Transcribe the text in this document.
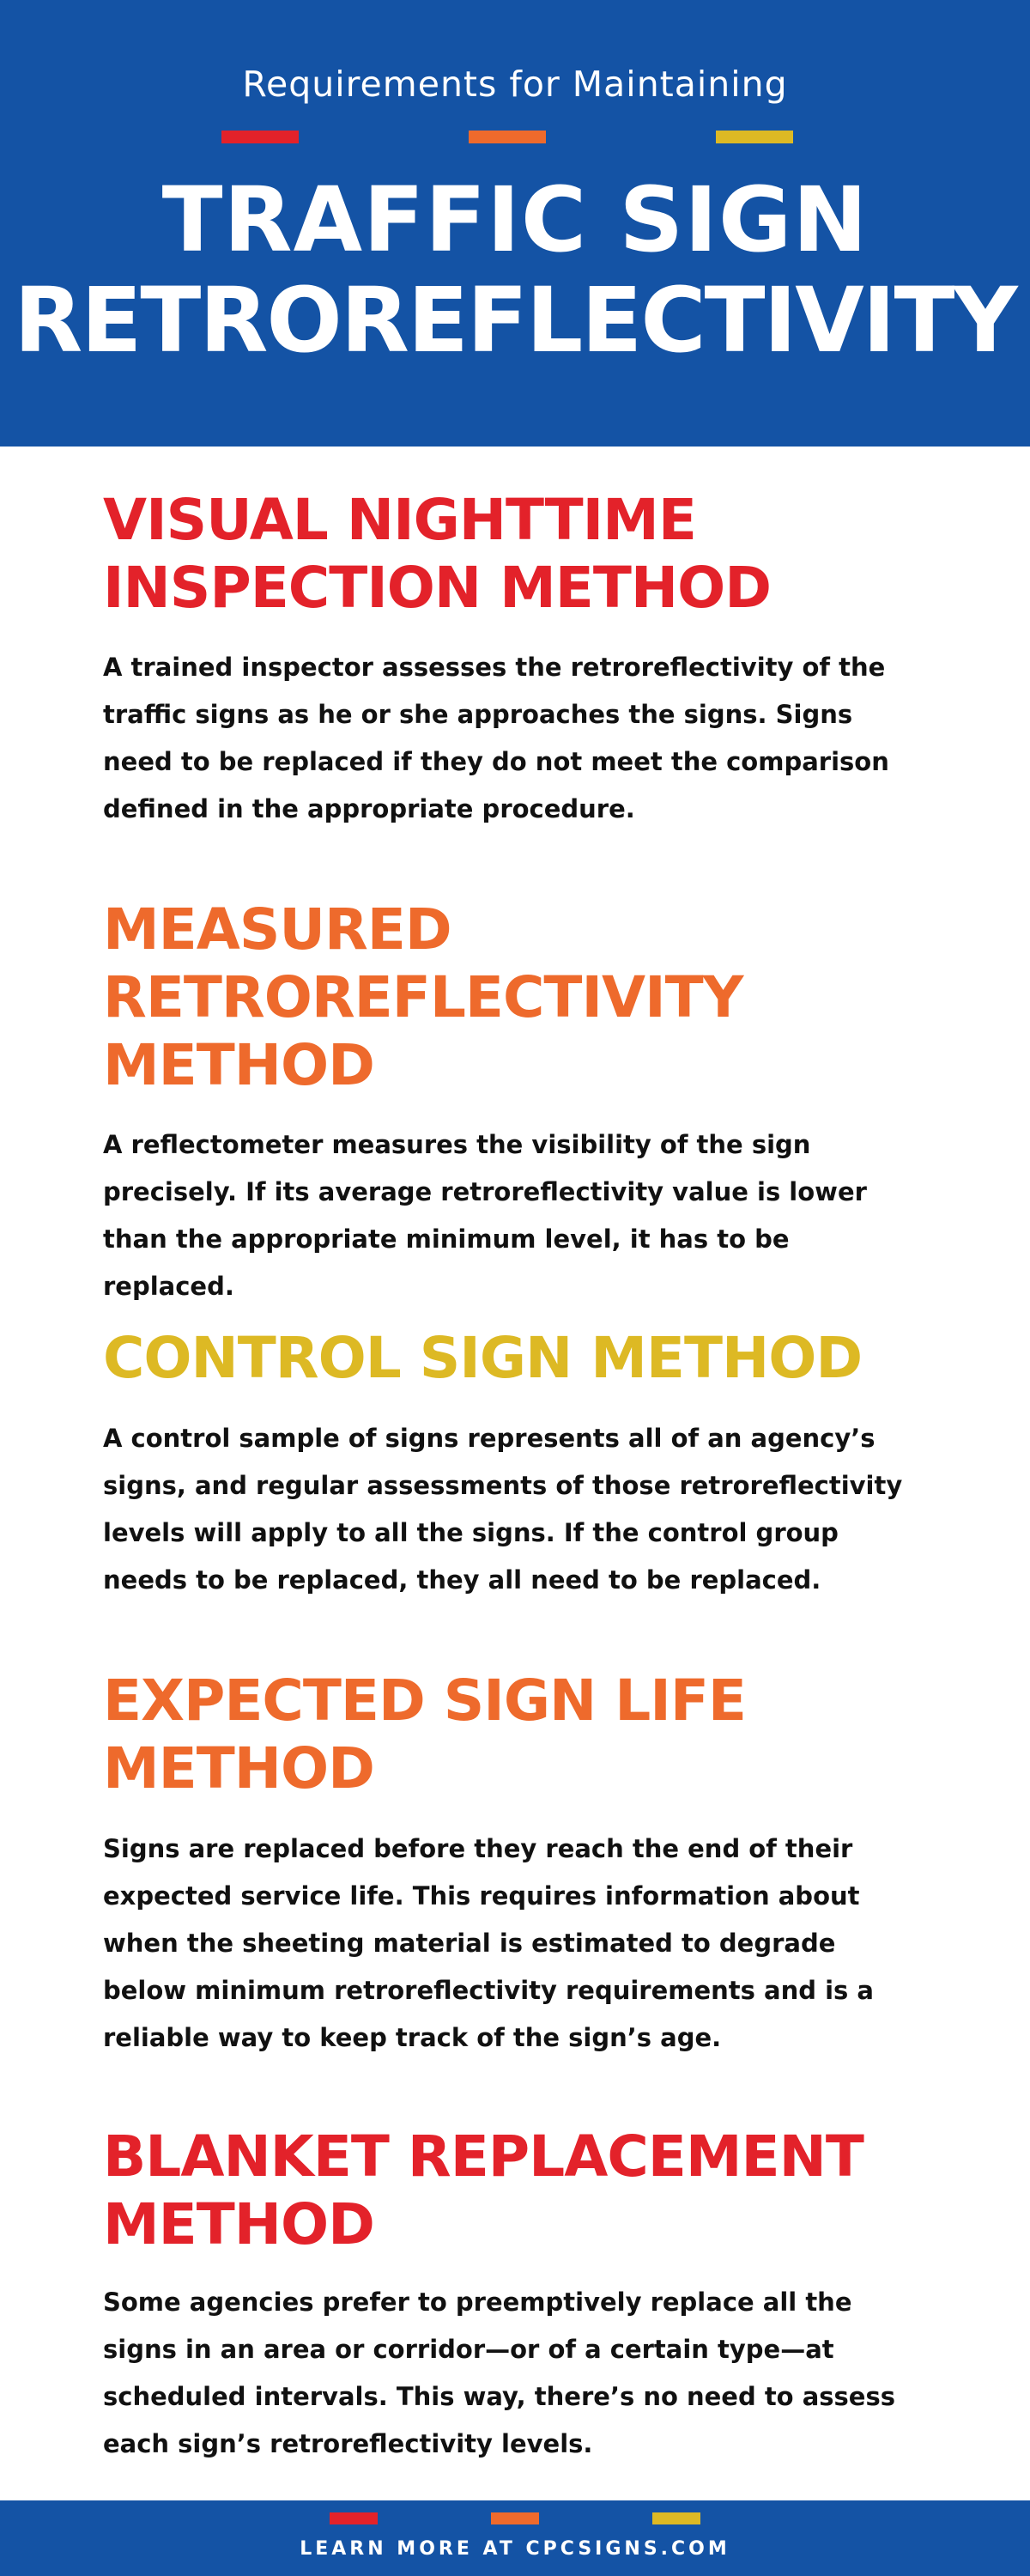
Requirements for Maintaining
TRAFFIC SIGN
RETROREFLECTIVITY
VISUAL NIGHTTIME INSPECTION METHOD

A trained inspector assesses the retroreflectivity of the traffic signs as he or she approaches the signs. Signs need to be replaced if they do not meet the comparison defined in the appropriate procedure.

MEASURED RETROREFLECTIVITY METHOD

A reflectometer measures the visibility of the sign precisely. If its average retroreflectivity value is lower than the appropriate minimum level, it has to be replaced.

CONTROL SIGN METHOD

A control sample of signs represents all of an agency’s signs, and regular assessments of those retroreflectivity levels will apply to all the signs. If the control group needs to be replaced, they all need to be replaced.

EXPECTED SIGN LIFE METHOD

Signs are replaced before they reach the end of their expected service life. This requires information about when the sheeting material is estimated to degrade below minimum retroreflectivity requirements and is a reliable way to keep track of the sign’s age.

BLANKET REPLACEMENT METHOD

Some agencies prefer to preemptively replace all the signs in an area or corridor—or of a certain type—at scheduled intervals. This way, there’s no need to assess each sign’s retroreflectivity levels.

LEARN MORE AT CPCSIGNS.COM
